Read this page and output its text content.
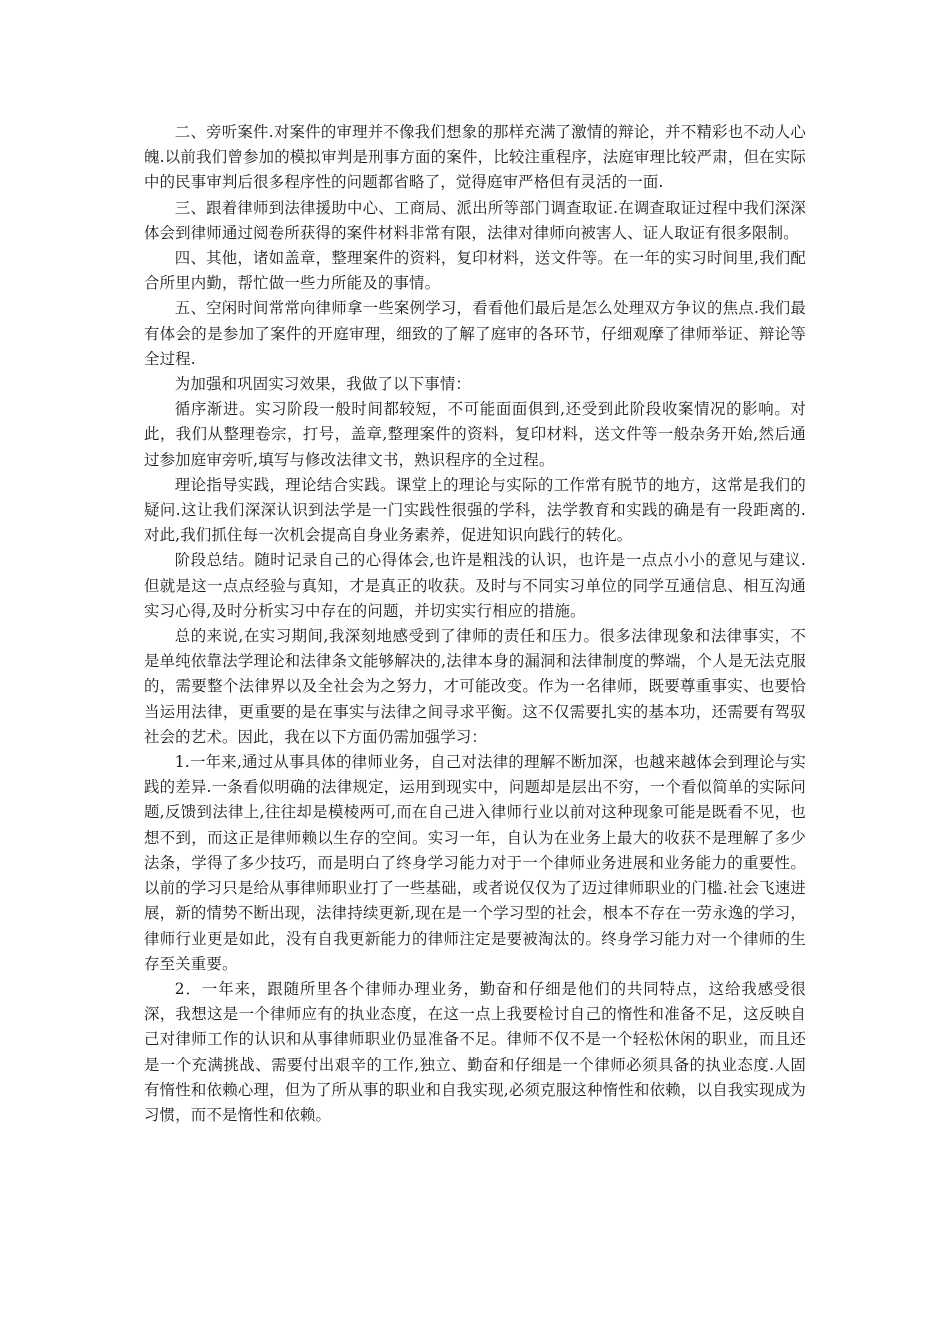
二、旁听案件.对案件的审理并不像我们想象的那样充满了激情的辩论，并不精彩也不动人心魄.以前我们曾参加的模拟审判是刑事方面的案件，比较注重程序，法庭审理比较严肃，但在实际中的民事审判后很多程序性的问题都省略了，觉得庭审严格但有灵活的一面.

三、跟着律师到法律援助中心、工商局、派出所等部门调查取证.在调查取证过程中我们深深体会到律师通过阅卷所获得的案件材料非常有限，法律对律师向被害人、证人取证有很多限制。

四、其他，诸如盖章，整理案件的资料，复印材料，送文件等。在一年的实习时间里,我们配合所里内勤，帮忙做一些力所能及的事情。

五、空闲时间常常向律师拿一些案例学习，看看他们最后是怎么处理双方争议的焦点.我们最有体会的是参加了案件的开庭审理，细致的了解了庭审的各环节，仔细观摩了律师举证、辩论等全过程.

为加强和巩固实习效果，我做了以下事情：

循序渐进。实习阶段一般时间都较短，不可能面面俱到,还受到此阶段收案情况的影响。对此，我们从整理卷宗，打号，盖章,整理案件的资料，复印材料，送文件等一般杂务开始,然后通过参加庭审旁听,填写与修改法律文书，熟识程序的全过程。

理论指导实践，理论结合实践。课堂上的理论与实际的工作常有脱节的地方，这常是我们的疑问.这让我们深深认识到法学是一门实践性很强的学科，法学教育和实践的确是有一段距离的.对此,我们抓住每一次机会提高自身业务素养，促进知识向践行的转化。

阶段总结。随时记录自己的心得体会,也许是粗浅的认识，也许是一点点小小的意见与建议.但就是这一点点经验与真知，才是真正的收获。及时与不同实习单位的同学互通信息、相互沟通实习心得,及时分析实习中存在的问题，并切实实行相应的措施。

总的来说,在实习期间,我深刻地感受到了律师的责任和压力。很多法律现象和法律事实，不是单纯依靠法学理论和法律条文能够解决的,法律本身的漏洞和法律制度的弊端，个人是无法克服的，需要整个法律界以及全社会为之努力，才可能改变。作为一名律师，既要尊重事实、也要恰当运用法律，更重要的是在事实与法律之间寻求平衡。这不仅需要扎实的基本功，还需要有驾驭社会的艺术。因此，我在以下方面仍需加强学习：

1.一年来,通过从事具体的律师业务，自己对法律的理解不断加深，也越来越体会到理论与实践的差异.一条看似明确的法律规定，运用到现实中，问题却是层出不穷，一个看似简单的实际问题,反馈到法律上,往往却是模棱两可,而在自己进入律师行业以前对这种现象可能是既看不见，也想不到，而这正是律师赖以生存的空间。实习一年，自认为在业务上最大的收获不是理解了多少法条，学得了多少技巧，而是明白了终身学习能力对于一个律师业务进展和业务能力的重要性。以前的学习只是给从事律师职业打了一些基础，或者说仅仅为了迈过律师职业的门槛.社会飞速进展，新的情势不断出现，法律持续更新,现在是一个学习型的社会，根本不存在一劳永逸的学习，律师行业更是如此，没有自我更新能力的律师注定是要被淘汰的。终身学习能力对一个律师的生存至关重要。

2．一年来，跟随所里各个律师办理业务，勤奋和仔细是他们的共同特点，这给我感受很深，我想这是一个律师应有的执业态度，在这一点上我要检讨自己的惰性和准备不足，这反映自己对律师工作的认识和从事律师职业仍显准备不足。律师不仅不是一个轻松休闲的职业，而且还是一个充满挑战、需要付出艰辛的工作,独立、勤奋和仔细是一个律师必须具备的执业态度.人固有惰性和依赖心理，但为了所从事的职业和自我实现,必须克服这种惰性和依赖，以自我实现成为习惯，而不是惰性和依赖。
